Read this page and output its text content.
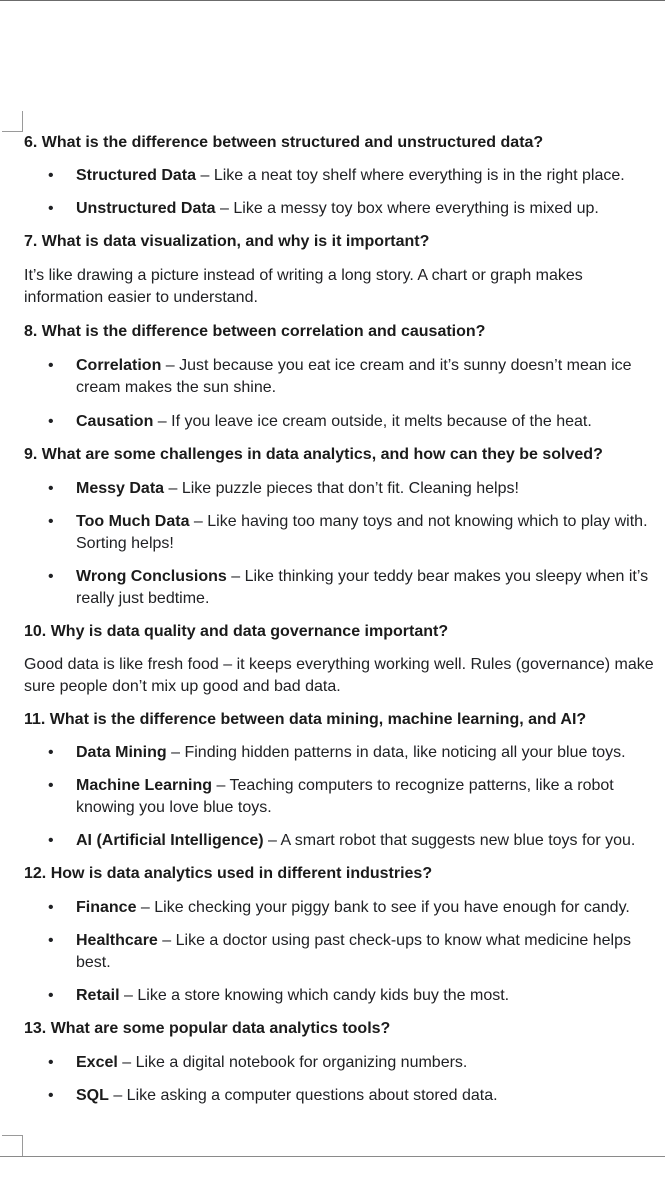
6. What is the difference between structured and unstructured data?

• Structured Data – Like a neat toy shelf where everything is in the right place.
• Unstructured Data – Like a messy toy box where everything is mixed up.

7. What is data visualization, and why is it important?

It’s like drawing a picture instead of writing a long story. A chart or graph makes information easier to understand.

8. What is the difference between correlation and causation?

• Correlation – Just because you eat ice cream and it’s sunny doesn’t mean ice cream makes the sun shine.
• Causation – If you leave ice cream outside, it melts because of the heat.

9. What are some challenges in data analytics, and how can they be solved?

• Messy Data – Like puzzle pieces that don’t fit. Cleaning helps!
• Too Much Data – Like having too many toys and not knowing which to play with. Sorting helps!
• Wrong Conclusions – Like thinking your teddy bear makes you sleepy when it’s really just bedtime.

10. Why is data quality and data governance important?

Good data is like fresh food – it keeps everything working well. Rules (governance) make sure people don’t mix up good and bad data.

11. What is the difference between data mining, machine learning, and AI?

• Data Mining – Finding hidden patterns in data, like noticing all your blue toys.
• Machine Learning – Teaching computers to recognize patterns, like a robot knowing you love blue toys.
• AI (Artificial Intelligence) – A smart robot that suggests new blue toys for you.

12. How is data analytics used in different industries?

• Finance – Like checking your piggy bank to see if you have enough for candy.
• Healthcare – Like a doctor using past check-ups to know what medicine helps best.
• Retail – Like a store knowing which candy kids buy the most.

13. What are some popular data analytics tools?

• Excel – Like a digital notebook for organizing numbers.
• SQL – Like asking a computer questions about stored data.
